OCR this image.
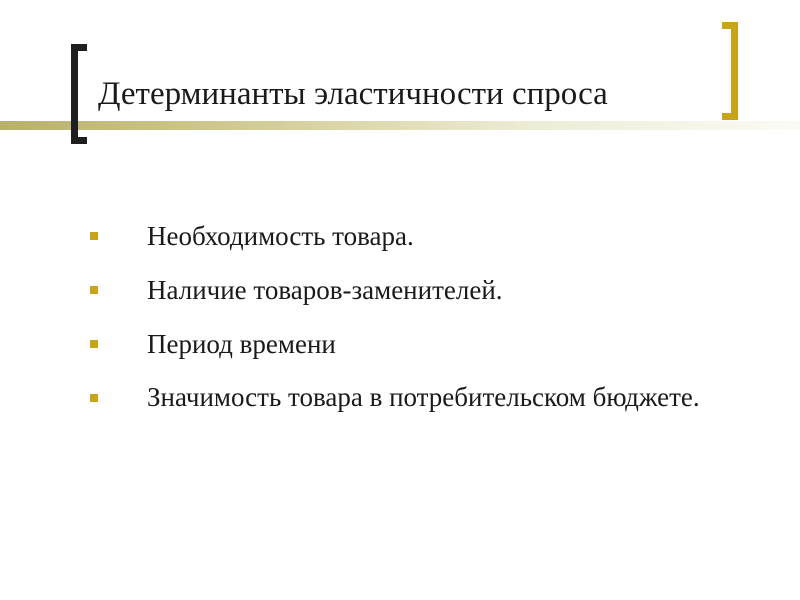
Детерминанты эластичности спроса
Необходимость товара.
Наличие товаров-заменителей.
Период времени
Значимость товара в потребительском бюджете.
